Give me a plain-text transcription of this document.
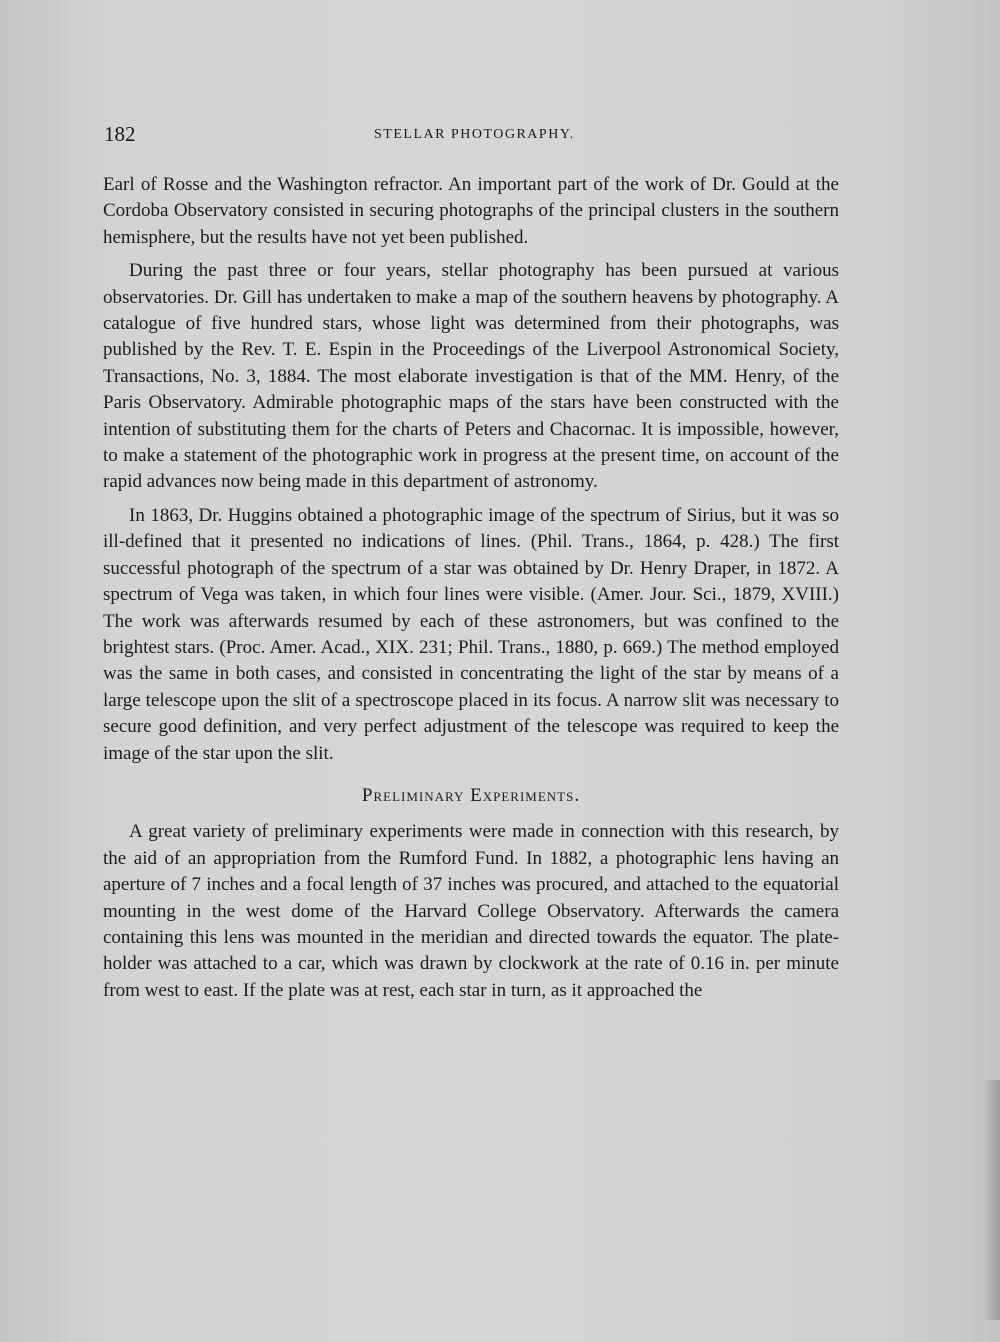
182	STELLAR PHOTOGRAPHY.

Earl of Rosse and the Washington refractor. An important part of the work of Dr. Gould at the Cordoba Observatory consisted in securing photographs of the principal clusters in the southern hemisphere, but the results have not yet been published.

During the past three or four years, stellar photography has been pursued at various observatories. Dr. Gill has undertaken to make a map of the southern heavens by photography. A catalogue of five hundred stars, whose light was determined from their photographs, was published by the Rev. T. E. Espin in the Proceedings of the Liverpool Astronomical Society, Transactions, No. 3, 1884. The most elaborate investigation is that of the MM. Henry, of the Paris Observatory. Admirable photographic maps of the stars have been constructed with the intention of substituting them for the charts of Peters and Chacornac. It is impossible, however, to make a statement of the photographic work in progress at the present time, on account of the rapid advances now being made in this department of astronomy.

In 1863, Dr. Huggins obtained a photographic image of the spectrum of Sirius, but it was so ill-defined that it presented no indications of lines. (Phil. Trans., 1864, p. 428.) The first successful photograph of the spectrum of a star was obtained by Dr. Henry Draper, in 1872. A spectrum of Vega was taken, in which four lines were visible. (Amer. Jour. Sci., 1879, XVIII.) The work was afterwards resumed by each of these astronomers, but was confined to the brightest stars. (Proc. Amer. Acad., XIX. 231; Phil. Trans., 1880, p. 669.) The method employed was the same in both cases, and consisted in concentrating the light of the star by means of a large telescope upon the slit of a spectroscope placed in its focus. A narrow slit was necessary to secure good definition, and very perfect adjustment of the telescope was required to keep the image of the star upon the slit.

Preliminary Experiments.

A great variety of preliminary experiments were made in connection with this research, by the aid of an appropriation from the Rumford Fund. In 1882, a photographic lens having an aperture of 7 inches and a focal length of 37 inches was procured, and attached to the equatorial mounting in the west dome of the Harvard College Observatory. Afterwards the camera containing this lens was mounted in the meridian and directed towards the equator. The plate-holder was attached to a car, which was drawn by clockwork at the rate of 0.16 in. per minute from west to east. If the plate was at rest, each star in turn, as it approached the
